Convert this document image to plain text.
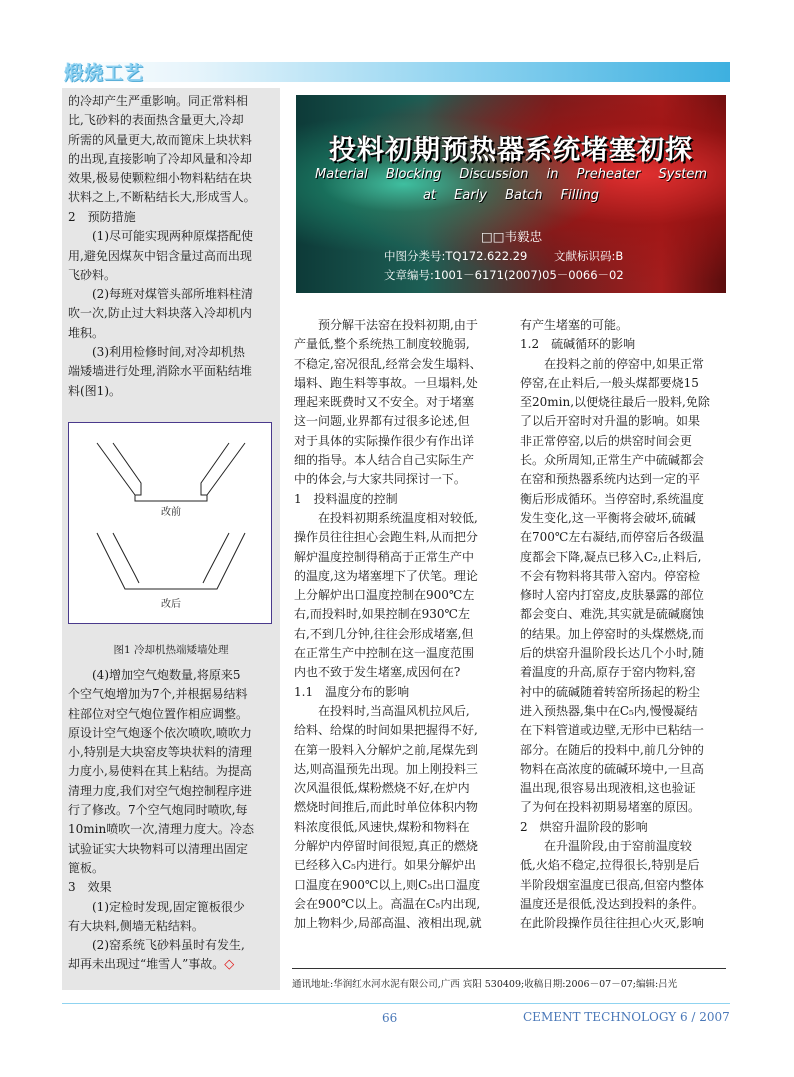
煅烧工艺

的冷却产生严重影响。同正常料相

比,飞砂料的表面热含量更大,冷却

所需的风量更大,故而篦床上块状料

的出现,直接影响了冷却风量和冷却

效果,极易使颗粒细小物料粘结在块

状料之上,不断粘结长大,形成雪人。

2　预防措施

(1)尽可能实现两种原煤搭配使

用,避免因煤灰中铝含量过高而出现

飞砂料。

(2)每班对煤管头部所堆料柱清

吹一次,防止过大料块落入冷却机内

堆积。

(3)利用检修时间,对冷却机热

端矮墙进行处理,消除水平面粘结堆

料(图1)。

改前
改后
图1 冷却机热端矮墙处理

(4)增加空气炮数量,将原来5

个空气炮增加为7个,并根据易结料

柱部位对空气炮位置作相应调整。

原设计空气炮逐个依次喷吹,喷吹力

小,特别是大块窑皮等块状料的清理

力度小,易使料在其上粘结。为提高

清理力度,我们对空气炮控制程序进

行了修改。7个空气炮同时喷吹,每

10min喷吹一次,清理力度大。冷态

试验证实大块物料可以清理出固定

篦板。

3　效果

(1)定检时发现,固定篦板很少

有大块料,侧墙无粘结料。

(2)窑系统飞砂料虽时有发生,

却再未出现过“堆雪人”事故。◇

投料初期预热器系统堵塞初探
Material Blocking Discussion in Preheater System
at Early Batch Filling
□□韦毅忠
中图分类号:TQ172.622.29 文献标识码:B
文章编号:1001－6171(2007)05－0066－02

预分解干法窑在投料初期,由于

产量低,整个系统热工制度较脆弱,

不稳定,窑况很乱,经常会发生塌料、

塌料、跑生料等事故。一旦塌料,处

理起来既费时又不安全。对于堵塞

这一问题,业界都有过很多论述,但

对于具体的实际操作很少有作出详

细的指导。本人结合自己实际生产

中的体会,与大家共同探讨一下。

1　投料温度的控制

在投料初期系统温度相对较低,

操作员往往担心会跑生料,从而把分

解炉温度控制得稍高于正常生产中

的温度,这为堵塞埋下了伏笔。理论

上分解炉出口温度控制在900℃左

右,而投料时,如果控制在930℃左

右,不到几分钟,往往会形成堵塞,但

在正常生产中控制在这一温度范围

内也不致于发生堵塞,成因何在?

1.1　温度分布的影响

在投料时,当高温风机拉风后,

给料、给煤的时间如果把握得不好,

在第一股料入分解炉之前,尾煤先到

达,则高温预先出现。加上刚投料三

次风温很低,煤粉燃烧不好,在炉内

燃烧时间推后,而此时单位体积内物

料浓度很低,风速快,煤粉和物料在

分解炉内停留时间很短,真正的燃烧

已经移入C₅内进行。如果分解炉出

口温度在900℃以上,则C₅出口温度

会在900℃以上。高温在C₅内出现,

加上物料少,局部高温、液相出现,就

有产生堵塞的可能。

1.2　硫碱循环的影响

在投料之前的停窑中,如果正常

停窑,在止料后,一般头煤都要烧15

至20min,以便烧往最后一股料,免除

了以后开窑时对升温的影响。如果

非正常停窑,以后的烘窑时间会更

长。众所周知,正常生产中硫碱都会

在窑和预热器系统内达到一定的平

衡后形成循环。当停窑时,系统温度

发生变化,这一平衡将会破坏,硫碱

在700℃左右凝结,而停窑后各级温

度都会下降,凝点已移入C₂,止料后,

不会有物料将其带入窑内。停窑检

修时人窑内打窑皮,皮肤暴露的部位

都会变白、难洗,其实就是硫碱腐蚀

的结果。加上停窑时的头煤燃烧,而

后的烘窑升温阶段长达几个小时,随

着温度的升高,原存于窑内物料,窑

衬中的硫碱随着转窑所扬起的粉尘

进入预热器,集中在C₅内,慢慢凝结

在下料管道或边壁,无形中已粘结一

部分。在随后的投料中,前几分钟的

物料在高浓度的硫碱环境中,一旦高

温出现,很容易出现液相,这也验证

了为何在投料初期易堵塞的原因。

2　烘窑升温阶段的影响

在升温阶段,由于窑前温度较

低,火焰不稳定,拉得很长,特别是后

半阶段烟室温度已很高,但窑内整体

温度还是很低,没达到投料的条件。

在此阶段操作员往往担心火灭,影响

通讯地址:华润红水河水泥有限公司,广西 宾阳 530409;收稿日期:2006－07－07;编辑:吕光
66	CEMENT TECHNOLOGY 6 / 2007
